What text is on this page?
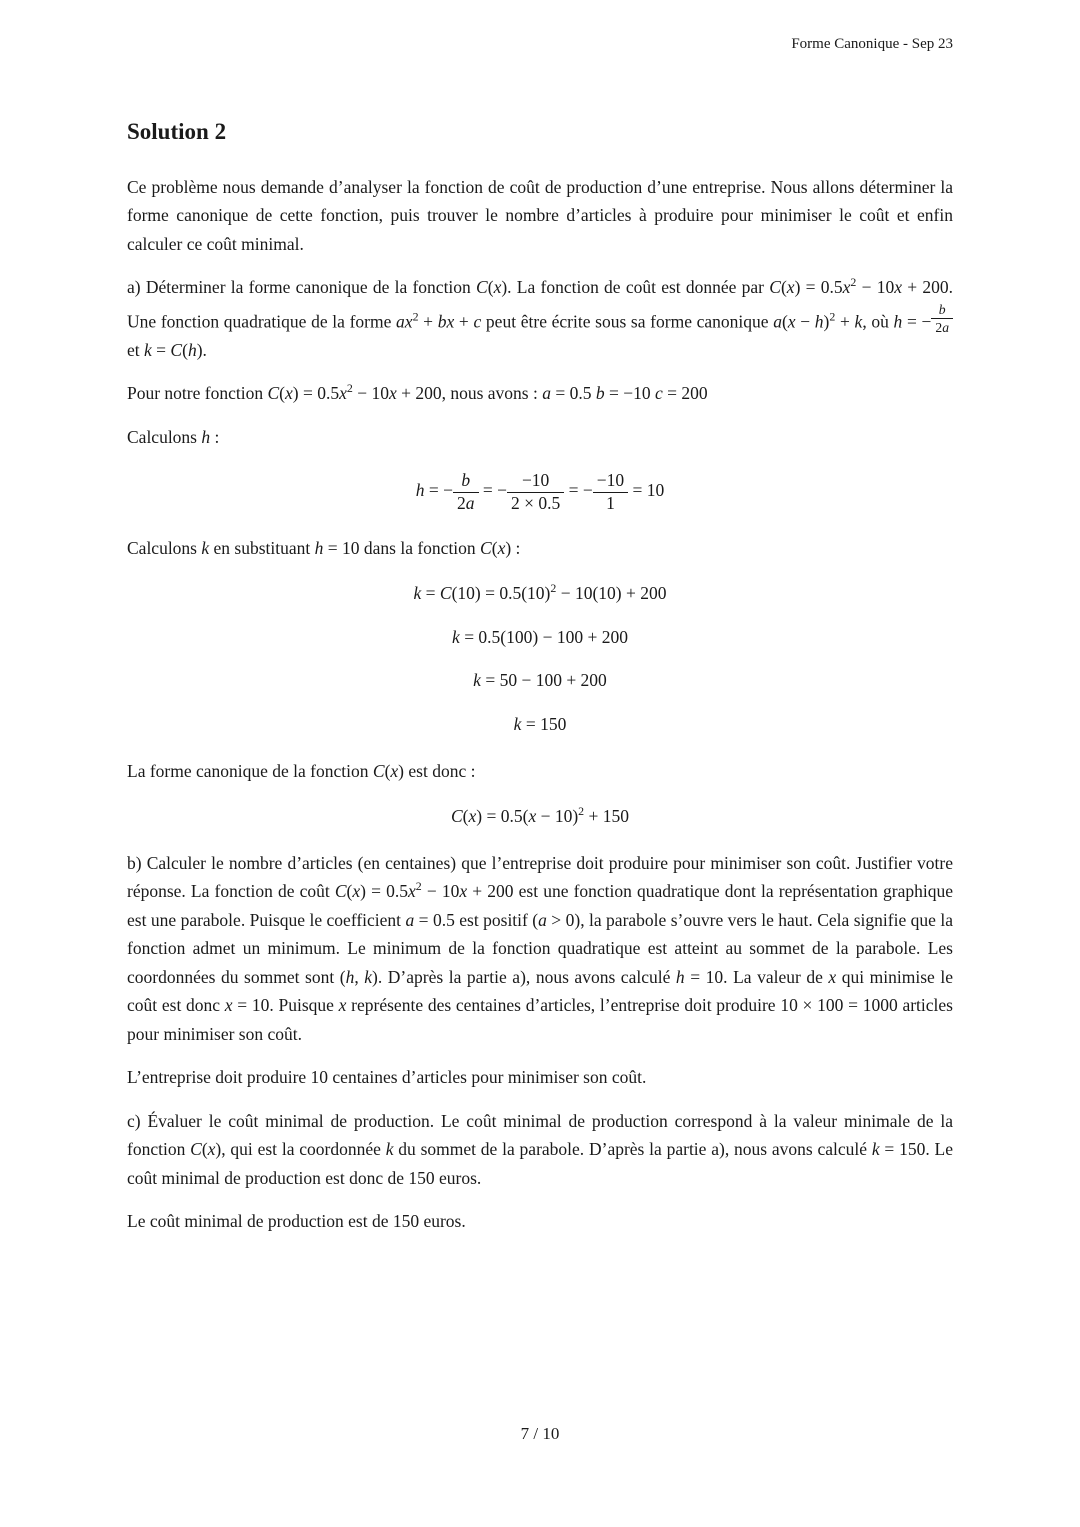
Forme Canonique - Sep 23
Solution 2

Ce problème nous demande d’analyser la fonction de coût de production d’une entreprise. Nous allons déterminer la forme canonique de cette fonction, puis trouver le nombre d’articles à produire pour minimiser le coût et enfin calculer ce coût minimal.

a) Déterminer la forme canonique de la fonction C(x). La fonction de coût est donnée par $C(x) = 0.5x^2 - 10x + 200$. Une fonction quadratique de la forme $ax^2$ + bx + c peut être écrite sous sa forme canonique $a(x - h)^2 + k$, où h = − $\frac{b}{2a}$
et k = C(h).

Pour notre fonction $C(x) = 0.5x^2 - 10x + 200$, nous avons : a = 0.5 b = −10 c = 200

Calculons h :

h = − $\frac{b}{2a}$ = − $\frac{-10}{2 \times 0.5}$ = − $\frac{-10}{1} = 10$

Calculons k en substituant h = 10 dans la fonction C(x) :

$k = C(10) = 0.5(10)^2 - 10(10) + 200$
k = 0.5(100) − 100 + 200
k = 50 − 100 + 200
k = 150

La forme canonique de la fonction C(x) est donc :

$C(x) = 0.5(x - 10)^2 + 150$

b) Calculer le nombre d’articles (en centaines) que l’entreprise doit produire pour minimiser son coût. Justifier votre réponse. La fonction de coût $C(x) = 0.5x^2 - 10x + 200$ est une fonction quadratique dont la représentation graphique est une parabole. Puisque le coefficient a = 0.5 est positif (a > 0), la parabole s’ouvre vers le haut. Cela signifie que la fonction admet un minimum. Le minimum de la fonction quadratique est atteint au sommet de la parabole. Les coordonnées du sommet sont (h, k). D’après la partie a), nous avons calculé h = 10. La valeur de x qui minimise le coût est donc x = 10. Puisque x représente des centaines d’articles, l’entreprise doit produire 10 × 100 = 1000 articles pour minimiser son coût.

L’entreprise doit produire 10 centaines d’articles pour minimiser son coût.

c) Évaluer le coût minimal de production. Le coût minimal de production correspond à la valeur minimale de la fonction C(x), qui est la coordonnée k du sommet de la parabole. D’après la partie a), nous avons calculé k = 150. Le coût minimal de production est donc de 150 euros.

Le coût minimal de production est de 150 euros.

7 / 10
